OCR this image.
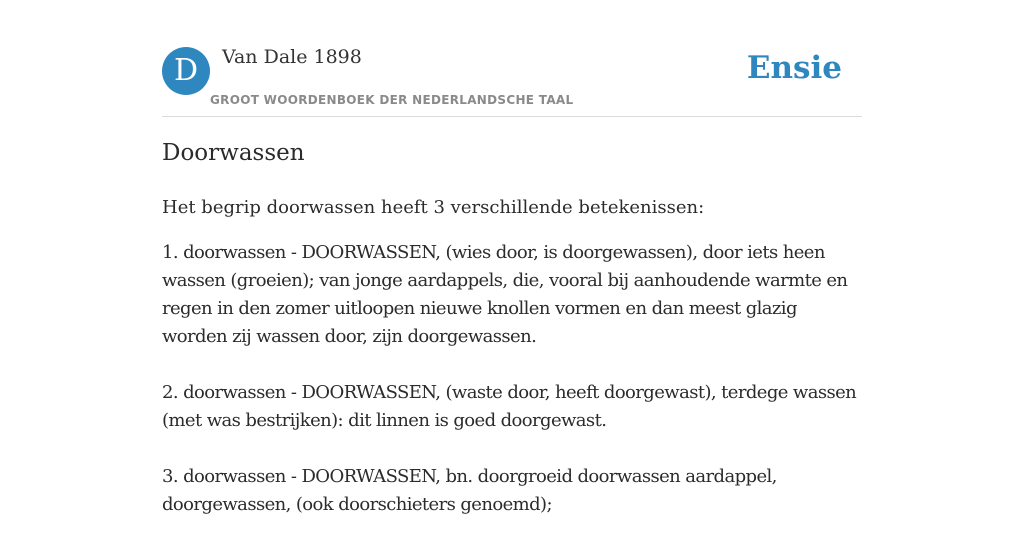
D	Van Dale 1898
GROOT WOORDENBOEK DER NEDERLANDSCHE TAAL
Ensie
Doorwassen

Het begrip doorwassen heeft 3 verschillende betekenissen:

1. doorwassen - DOORWASSEN, (wies door, is doorgewassen), door iets heen wassen (groeien); van jonge aardappels, die, vooral bij aanhoudende warmte en regen in den zomer uitloopen nieuwe knollen vormen en dan meest glazig worden zij wassen door, zijn doorgewassen.

2. doorwassen - DOORWASSEN, (waste door, heeft doorgewast), terdege wassen (met was bestrijken): dit linnen is goed doorgewast.

3. doorwassen - DOORWASSEN, bn. doorgroeid doorwassen aardappel, doorgewassen, (ook doorschieters genoemd);
